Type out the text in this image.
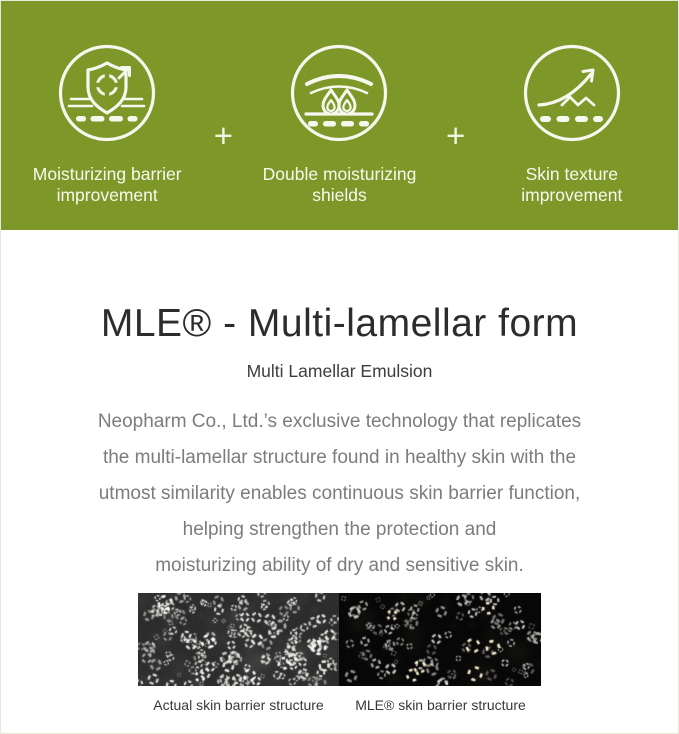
Moisturizing barrier
improvement
+
Double moisturizing
shields
+
Skin texture
improvement
MLE® - Multi-lamellar form
Multi Lamellar Emulsion
Neopharm Co., Ltd.’s exclusive technology that replicates
the multi-lamellar structure found in healthy skin with the
utmost similarity enables continuous skin barrier function,
helping strengthen the protection and
moisturizing ability of dry and sensitive skin.
Actual skin barrier structure	MLE® skin barrier structure
